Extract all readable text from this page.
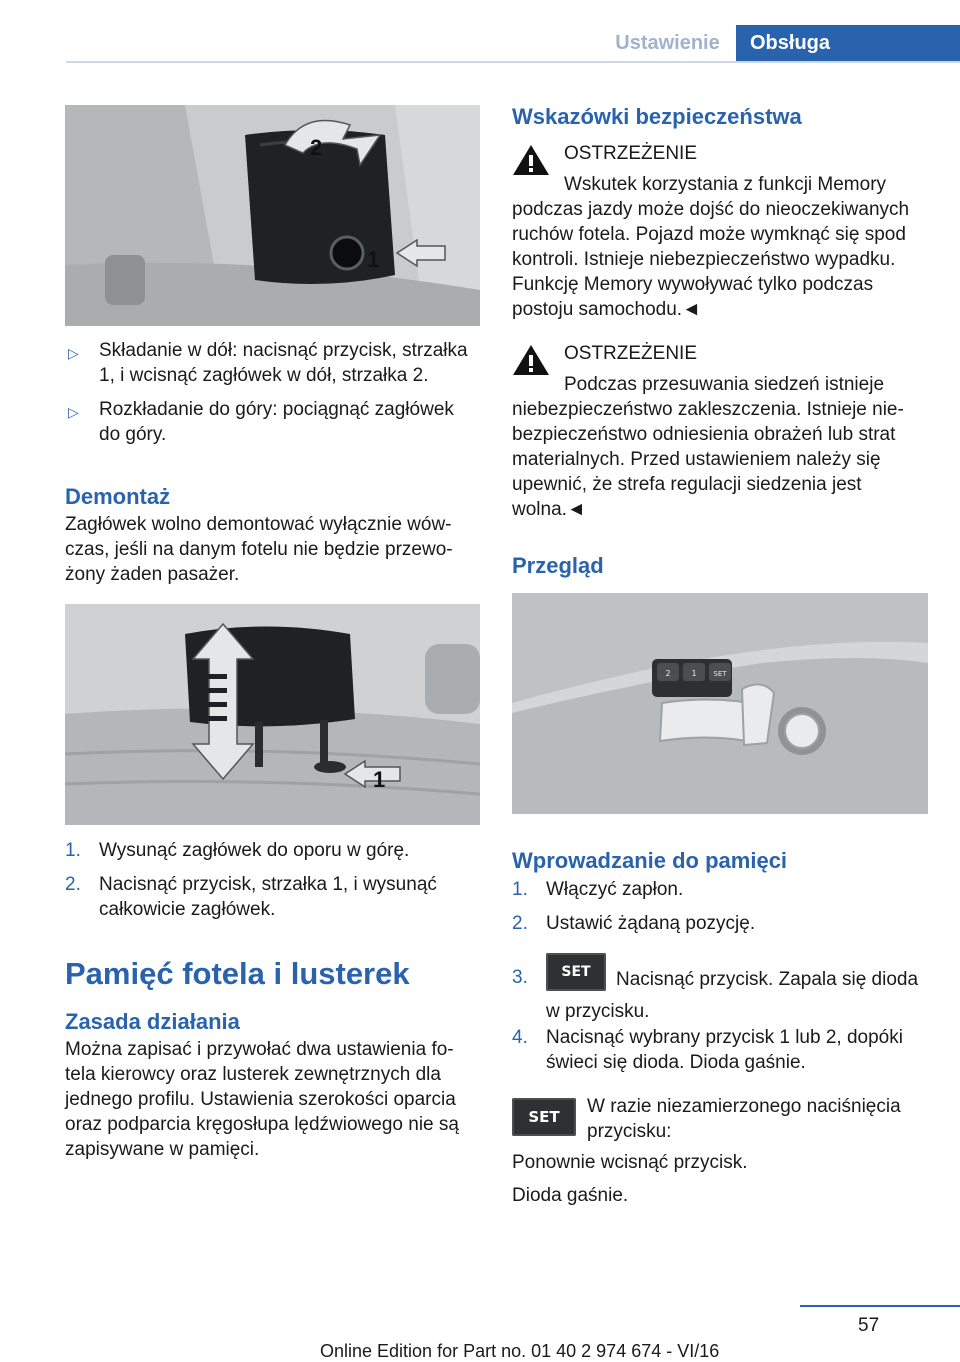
Ustawienie	Obsługa
2
1
▷ Składanie w dół: nacisnąć przycisk, strzałka 1, i wcisnąć zagłówek w dół, strzałka 2.
▷ Rozkładanie do góry: pociągnąć zagłówek do góry.

Demontaż

Zagłówek wolno demontować wyłącznie wów-czas, jeśli na danym fotelu nie będzie przewo-żony żaden pasażer.

1
1. Wysunąć zagłówek do oporu w górę.
2. Nacisnąć przycisk, strzałka 1, i wysunąć całkowicie zagłówek.

Pamięć fotela i lusterek

Zasada działania

Można zapisać i przywołać dwa ustawienia fo-tela kierowcy oraz lusterek zewnętrznych dla jednego profilu. Ustawienia szerokości oparcia oraz podparcia kręgosłupa lędźwiowego nie są zapisywane w pamięci.

Wskazówki bezpieczeństwa

OSTRZEŻENIE

Wskutek korzystania z funkcji Memory podczas jazdy może dojść do nieoczekiwanych ruchów fotela. Pojazd może wymknąć się spod kontroli. Istnieje niebezpieczeństwo wypadku. Funkcję Memory wywoływać tylko podczas postoju samochodu.◄

OSTRZEŻENIE

Podczas przesuwania siedzeń istnieje niebezpieczeństwo zakleszczenia. Istnieje nie-bezpieczeństwo odniesienia obrażeń lub strat materialnych. Przed ustawieniem należy się upewnić, że strefa regulacji siedzenia jest wolna.◄

Przegląd

2	1 SET

Wprowadzanie do pamięci

1. Włączyć zapłon.
2. Ustawić żądaną pozycję.
3. SET Nacisnąć przycisk. Zapala się dioda w przycisku.
4. Nacisnąć wybrany przycisk 1 lub 2, dopóki świeci się dioda. Dioda gaśnie.
SET	W razie niezamierzonego naciśnięcia przycisku:

Ponownie wcisnąć przycisk.

Dioda gaśnie.

57
Online Edition for Part no. 01 40 2 974 674 - VI/16
